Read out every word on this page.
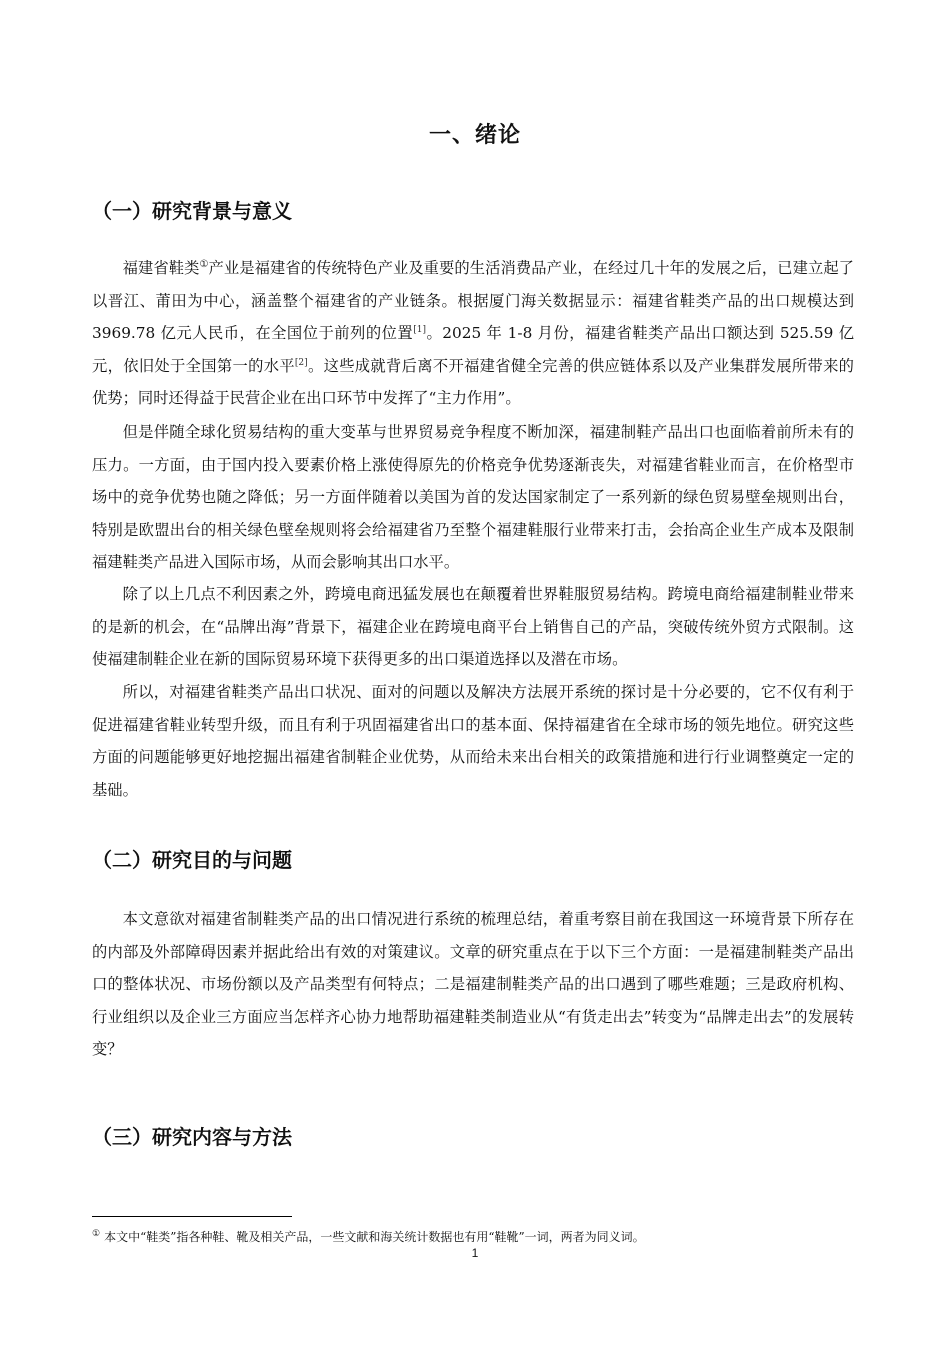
一、绪论
（一）研究背景与意义

福建省鞋类①产业是福建省的传统特色产业及重要的生活消费品产业，在经过几十年的发展之后，已建立起了以晋江、莆田为中心，涵盖整个福建省的产业链条。根据厦门海关数据显示：福建省鞋类产品的出口规模达到 3969.78 亿元人民币，在全国位于前列的位置[1]。2025 年 1-8 月份，福建省鞋类产品出口额达到 525.59 亿元，依旧处于全国第一的水平[2]。这些成就背后离不开福建省健全完善的供应链体系以及产业集群发展所带来的优势；同时还得益于民营企业在出口环节中发挥了“主力作用”。

但是伴随全球化贸易结构的重大变革与世界贸易竞争程度不断加深，福建制鞋产品出口也面临着前所未有的压力。一方面，由于国内投入要素价格上涨使得原先的价格竞争优势逐渐丧失，对福建省鞋业而言，在价格型市场中的竞争优势也随之降低；另一方面伴随着以美国为首的发达国家制定了一系列新的绿色贸易壁垒规则出台，特别是欧盟出台的相关绿色壁垒规则将会给福建省乃至整个福建鞋服行业带来打击，会抬高企业生产成本及限制福建鞋类产品进入国际市场，从而会影响其出口水平。

除了以上几点不利因素之外，跨境电商迅猛发展也在颠覆着世界鞋服贸易结构。跨境电商给福建制鞋业带来的是新的机会，在“品牌出海”背景下，福建企业在跨境电商平台上销售自己的产品，突破传统外贸方式限制。这使福建制鞋企业在新的国际贸易环境下获得更多的出口渠道选择以及潜在市场。

所以，对福建省鞋类产品出口状况、面对的问题以及解决方法展开系统的探讨是十分必要的，它不仅有利于促进福建省鞋业转型升级，而且有利于巩固福建省出口的基本面、保持福建省在全球市场的领先地位。研究这些方面的问题能够更好地挖掘出福建省制鞋企业优势，从而给未来出台相关的政策措施和进行行业调整奠定一定的基础。

（二）研究目的与问题

本文意欲对福建省制鞋类产品的出口情况进行系统的梳理总结，着重考察目前在我国这一环境背景下所存在的内部及外部障碍因素并据此给出有效的对策建议。文章的研究重点在于以下三个方面：一是福建制鞋类产品出口的整体状况、市场份额以及产品类型有何特点；二是福建制鞋类产品的出口遇到了哪些难题；三是政府机构、行业组织以及企业三方面应当怎样齐心协力地帮助福建鞋类制造业从“有货走出去”转变为“品牌走出去”的发展转变？

（三）研究内容与方法
① 本文中“鞋类”指各种鞋、靴及相关产品，一些文献和海关统计数据也有用“鞋靴”一词，两者为同义词。
1
